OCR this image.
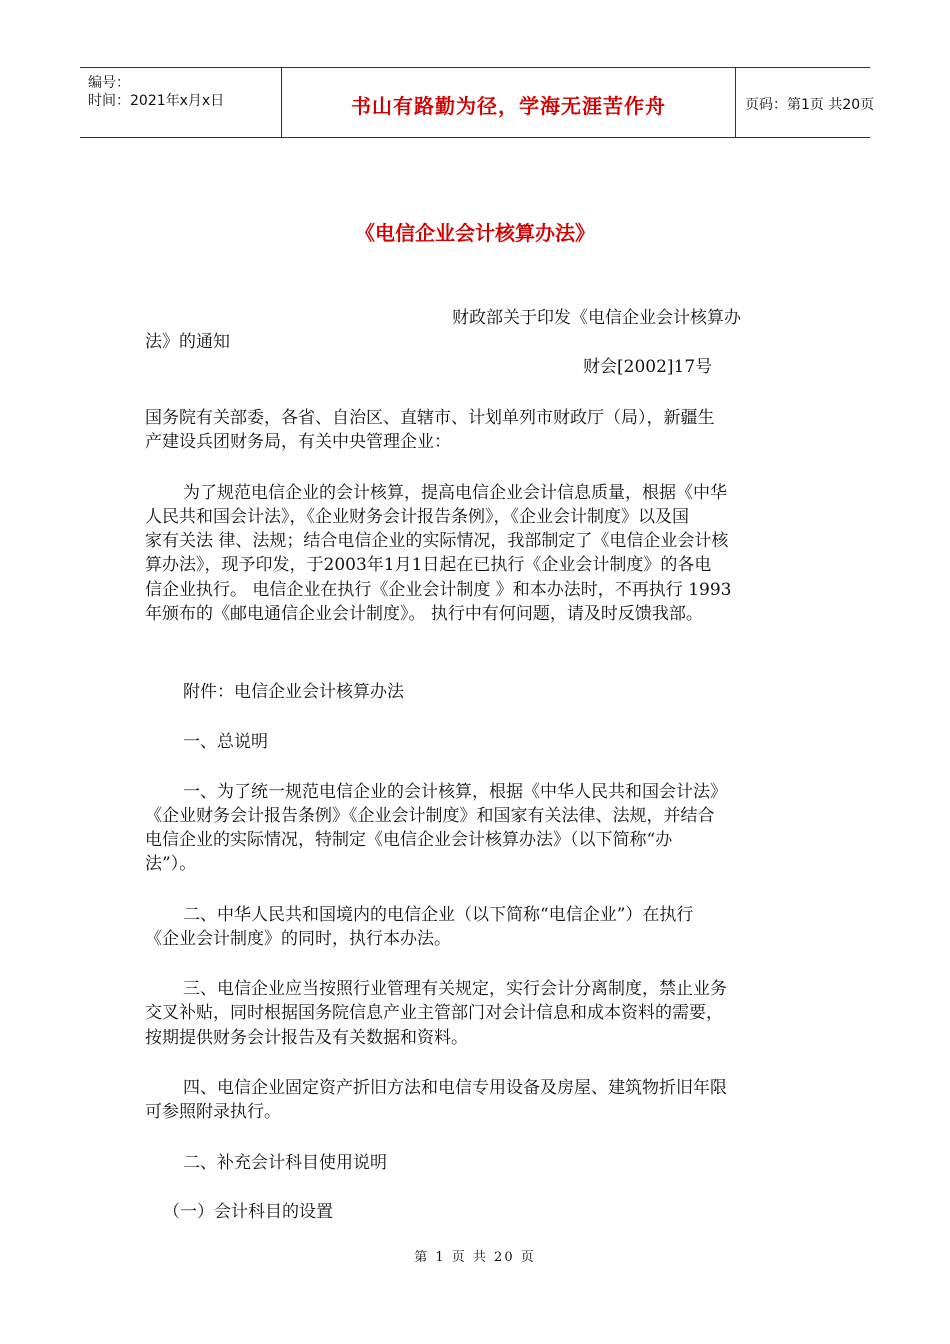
编号：
时间：2021年x月x日	书山有路勤为径，学海无涯苦作舟	页码：第1页 共20页
《电信企业会计核算办法》
财政部关于印发《电信企业会计核算办
法》的通知
财会[2002]17号
国务院有关部委，各省、自治区、直辖市、计划单列市财政厅（局），新疆生
产建设兵团财务局，有关中央管理企业：
为了规范电信企业的会计核算，提高电信企业会计信息质量，根据《中华
人民共和国会计法》，《企业财务会计报告条例》，《企业会计制度》以及国
家有关法 律、法规；结合电信企业的实际情况，我部制定了《电信企业会计核
算办法》，现予印发，于2003年1月1日起在已执行《企业会计制度》的各电
信企业执行。 电信企业在执行《企业会计制度 》和本办法时，不再执行 1993
年颁布的《邮电通信企业会计制度》。 执行中有何问题，请及时反馈我部。
附件：电信企业会计核算办法
一、总说明
一、为了统一规范电信企业的会计核算，根据《中华人民共和国会计法》
《企业财务会计报告条例》《企业会计制度》和国家有关法律、法规，并结合
电信企业的实际情况，特制定《电信企业会计核算办法》（以下简称“办
法”）。
二、中华人民共和国境内的电信企业（以下简称“电信企业”）在执行
《企业会计制度》的同时，执行本办法。
三、电信企业应当按照行业管理有关规定，实行会计分离制度，禁止业务
交叉补贴，同时根据国务院信息产业主管部门对会计信息和成本资料的需要，
按期提供财务会计报告及有关数据和资料。
四、电信企业固定资产折旧方法和电信专用设备及房屋、建筑物折旧年限
可参照附录执行。
二、补充会计科目使用说明
（一）会计科目的设置
第 1 页 共 20 页
